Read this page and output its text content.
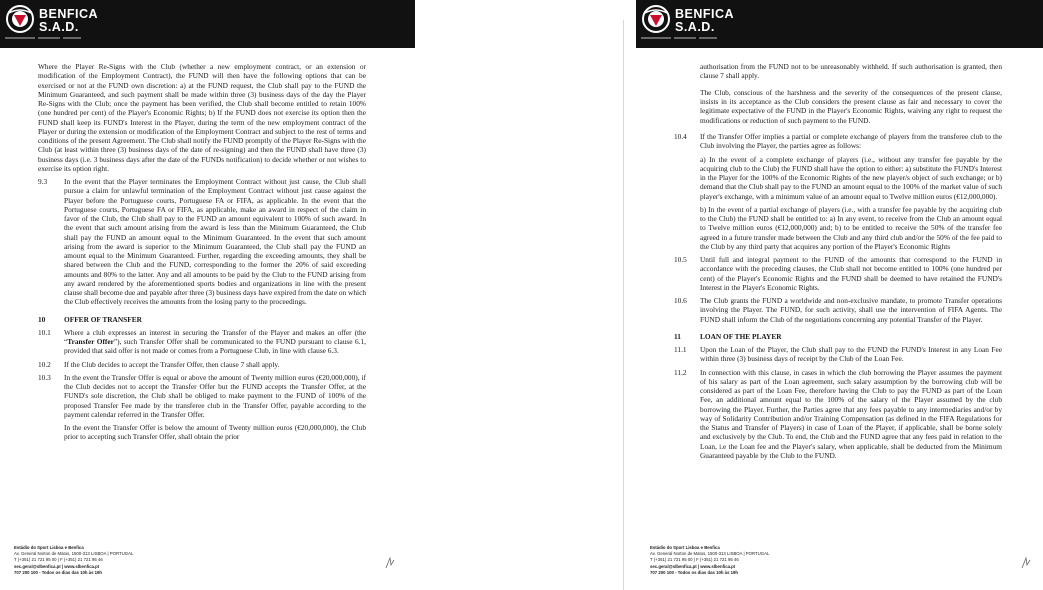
BENFICA
S.A.D.

Where the Player Re-Signs with the Club (whether a new employment contract, or an extension or modification of the Employment Contract), the FUND will then have the following options that can be exercised or not at the FUND own discretion: a) at the FUND request, the Club shall pay to the FUND the Minimum Guaranteed, and such payment shall be made within three (3) business days of the day the Player Re-Signs with the Club; once the payment has been verified, the Club shall become entitled to retain 100% (one hundred per cent) of the Player's Economic Rights; b) If the FUND does not exercise its option then the FUND shall keep its FUND's Interest in the Player, during the term of the new employment contract of the Player or during the extension or modification of the Employment Contract and subject to the rest of terms and conditions of the present Agreement. The Club shall notify the FUND promptly of the Player Re-Signs with the Club (at least within three (3) business days of the date of re-signing) and then the FUND shall have three (3) business days (i.e. 3 business days after the date of the FUNDs notification) to decide whether or not wishes to exercise its option right.

9.3	In the event that the Player terminates the Employment Contract without just cause, the Club shall pursue a claim for unlawful termination of the Employment Contract without just cause against the Player before the Portuguese courts, Portuguese FA or FIFA, as applicable. In the event that the Portuguese courts, Portuguese FA or FIFA, as applicable, make an award in respect of the claim in favor of the Club, the Club shall pay to the FUND an amount equivalent to 100% of such award. In the event that such amount arising from the award is less than the Minimum Guaranteed, the Club shall pay the FUND an amount equal to the Minimum Guaranteed. In the event that such amount arising from the award is superior to the Minimum Guaranteed, the Club shall pay the FUND an amount equal to the Minimum Guaranteed. Further, regarding the exceeding amounts, they shall be shared between the Club and the FUND, corresponding to the former the 20% of said exceeding amounts and 80% to the latter. Any and all amounts to be paid by the Club to the FUND arising from any award rendered by the aforementioned sports bodies and organizations in line with the present clause shall become due and payable after three (3) business days have expired from the date on which the Club effectively receives the amounts from the losing party to the proceedings.
10	OFFER OF TRANSFER
10.1	Where a club expresses an interest in securing the Transfer of the Player and makes an offer (the “Transfer Offer”), such Transfer Offer shall be communicated to the FUND pursuant to clause 6.1, provided that said offer is not made or comes from a Portuguese Club, in line with clause 6.3.
10.2	If the Club decides to accept the Transfer Offer, then clause 7 shall apply.
10.3	In the event the Transfer Offer is equal or above the amount of Twenty million euros (€20,000,000), if the Club decides not to accept the Transfer Offer but the FUND accepts the Transfer Offer, at the FUND's sole discretion, the Club shall be obliged to make payment to the FUND of 100% of the proposed Transfer Fee made by the transferee club in the Transfer Offer, payable according to the payment calendar referred in the Transfer Offer.

In the event the Transfer Offer is below the amount of Twenty million euros (€20,000,000), the Club prior to accepting such Transfer Offer, shall obtain the prior

Estádio do Sport Lisboa e Benfica
Av. General Norton de Matos, 1500-313 LISBOA | PORTUGAL
T (+351) 21 721 95 00 | F (+351) 21 721 95 46
sec.geral@slbenfica.pt | www.slbenfica.pt
707 200 100 - Todos os dias das 10h às 19h
BENFICA
S.A.D.

authorisation from the FUND not to be unreasonably withheld. If such authorisation is granted, then clause 7 shall apply.

The Club, conscious of the harshness and the severity of the consequences of the present clause, insists in its acceptance as the Club considers the present clause as fair and necessary to cover the legitimate expectative of the FUND in the Player's Economic Rights, waiving any right to request the modifications or reduction of such payment to the FUND.

10.4	If the Transfer Offer implies a partial or complete exchange of players from the transferee club to the Club involving the Player, the parties agree as follows:

a) In the event of a complete exchange of players (i.e., without any transfer fee payable by the acquiring club to the Club) the FUND shall have the option to either: a) substitute the FUND's Interest in the Player for the 100% of the Economic Rights of the new player/s object of such exchange; or b) demand that the Club shall pay to the FUND an amount equal to the 100% of the market value of such player's exchange, with a minimum value of an amount equal to Twelve million euros (€12,000,000).

b) In the event of a partial exchange of players (i.e., with a transfer fee payable by the acquiring club to the Club) the FUND shall be entitled to: a) In any event, to receive from the Club an amount equal to Twelve million euros (€12,000,000) and; b) to be entitled to receive the 50% of the transfer fee agreed in a future transfer made between the Club and any third club and/or the 50% of the fee paid to the Club by any third party that acquires any portion of the Player's Economic Rights

10.5	Until full and integral payment to the FUND of the amounts that correspond to the FUND in accordance with the preceding clauses, the Club shall not become entitled to 100% (one hundred per cent) of the Player's Economic Rights and the FUND shall be deemed to have retained the FUND's Interest in the Player's Economic Rights.
10.6	The Club grants the FUND a worldwide and non-exclusive mandate, to promote Transfer operations involving the Player. The FUND, for such activity, shall use the intervention of FIFA Agents. The FUND shall inform the Club of the negotiations concerning any potential Transfer of the Player.
11	LOAN OF THE PLAYER
11.1	Upon the Loan of the Player, the Club shall pay to the FUND the FUND's Interest in any Loan Fee within three (3) business days of receipt by the Club of the Loan Fee.
11.2	In connection with this clause, in cases in which the club borrowing the Player assumes the payment of his salary as part of the Loan agreement, such salary assumption by the borrowing club will be considered as part of the Loan Fee, therefore having the Club to pay the FUND as part of the Loan Fee, an additional amount equal to the 100% of the salary of the Player assumed by the club borrowing the Player. Further, the Parties agree that any fees payable to any intermediaries and/or by way of Solidarity Contribution and/or Training Compensation (as defined in the FIFA Regulations for the Status and Transfer of Players) in case of Loan of the Player, if applicable, shall be borne solely and exclusively by the Club. To end, the Club and the FUND agree that any fees paid in relation to the Loan, i.e the Loan fee and the Player's salary, when applicable, shall be deducted from the Minimum Guaranteed payable by the Club to the FUND.
Estádio do Sport Lisboa e Benfica
Av. General Norton de Matos, 1500-313 LISBOA | PORTUGAL
T (+351) 21 721 95 00 | F (+351) 21 721 95 46
sec.geral@slbenfica.pt | www.slbenfica.pt
707 200 100 - Todos os dias das 10h às 19h
